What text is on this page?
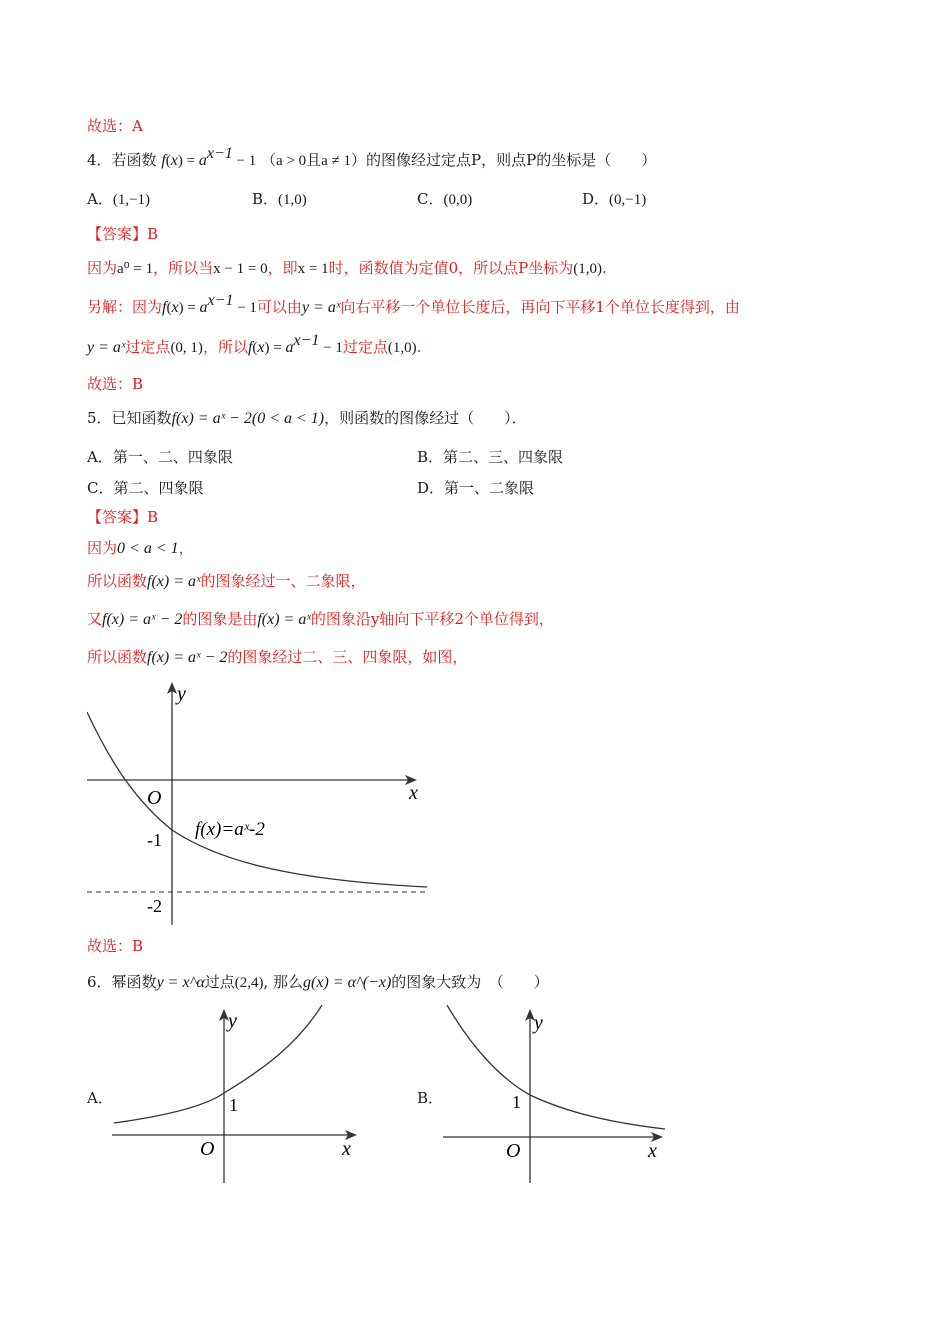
故选：A
4．若函数 $f(x) = a^{x-1} - 1$ （a > 0且a ≠ 1）的图像经过定点P，则点P的坐标是（　　）
A．(1,−1)	B．(1,0)	C．(0,0)	D．(0,−1)
【答案】B
因为a⁰ = 1，所以当x − 1 = 0，即x = 1时，函数值为定值0，所以点P坐标为(1,0).
另解：因为$f(x) = a^{x-1} - 1$可以由y = aˣ向右平移一个单位长度后，再向下平移1个单位长度得到，由
y = aˣ过定点(0, 1)，所以$f(x) = a^{x-1} - 1$过定点(1,0).
故选：B
5．已知函数f(x) = aˣ − 2(0 < a < 1)，则函数的图像经过（　　）．
A．第一、二、四象限	B．第二、三、四象限
C．第二、四象限	D．第一、二象限
【答案】B
因为0 < a < 1，
所以函数f(x) = aˣ的图象经过一、二象限，
又f(x) = aˣ − 2的图象是由f(x) = aˣ的图象沿y轴向下平移2个单位得到，
所以函数f(x) = aˣ − 2的图象经过二、三、四象限，如图，
y
x
O
-1
-2
f(x)=aˣ-2
故选：B
6．幂函数y = x^α过点(2,4), 那么g(x) = α^(−x)的图象大致为　（　　）
A．
y
x
O
1	B．
y
x
O
1
